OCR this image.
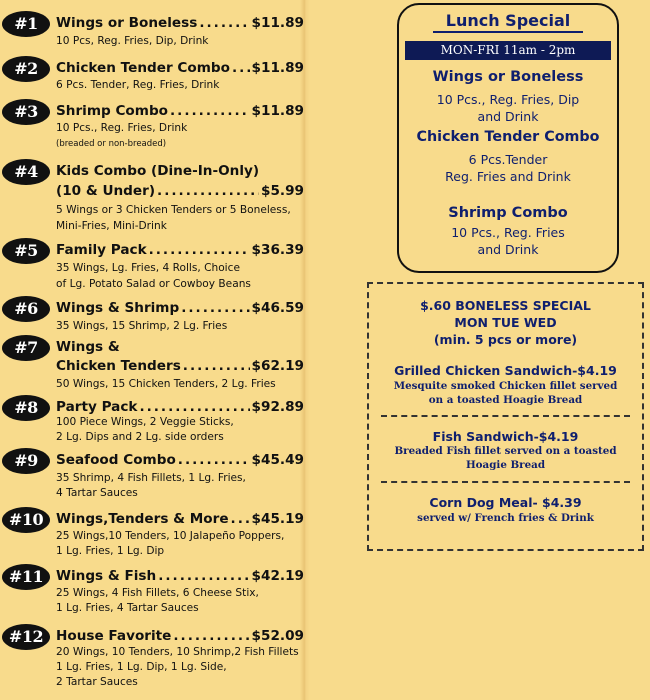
#1	Wings or Boneless .....	$11.89
10 Pcs, Reg. Fries, Dip, Drink
#2	Chicken Tender Combo ..... $11.89
6 Pcs. Tender, Reg. Fries, Drink
#3	Shrimp Combo .....	$11.89
10 Pcs., Reg. Fries, Drink
(breaded or non-breaded)
#4	Kids Combo (Dine-In-Only)
(10 & Under) .....	$5.99
5 Wings or 3 Chicken Tenders or 5 Boneless,
Mini-Fries, Mini-Drink
#5	Family Pack .....	$36.39
35 Wings, Lg. Fries, 4 Rolls, Choice
of Lg. Potato Salad or Cowboy Beans
#6	Wings & Shrimp .....	$46.59
35 Wings, 15 Shrimp, 2 Lg. Fries
#7	Wings &
Chicken Tenders .....	$62.19
50 Wings, 15 Chicken Tenders, 2 Lg. Fries
#8	Party Pack .....	$92.89
100 Piece Wings, 2 Veggie Sticks,
2 Lg. Dips and 2 Lg. side orders
#9	Seafood Combo .....	$45.49
35 Shrimp, 4 Fish Fillets, 1 Lg. Fries,
4 Tartar Sauces
#10 Wings,Tenders & More ..... $45.19
25 Wings,10 Tenders, 10 Jalapeño Poppers,
1 Lg. Fries, 1 Lg. Dip
#11 Wings & Fish .....	$42.19
25 Wings, 4 Fish Fillets, 6 Cheese Stix,
1 Lg. Fries, 4 Tartar Sauces
#12 House Favorite .....	$52.09
20 Wings, 10 Tenders, 10 Shrimp,2 Fish Fillets
1 Lg. Fries, 1 Lg. Dip, 1 Lg. Side,
2 Tartar Sauces
Lunch Special
MON-FRI 11am - 2pm
Wings or Boneless
10 Pcs., Reg. Fries, Dip
and Drink
Chicken Tender Combo
6 Pcs.Tender
Reg. Fries and Drink
Shrimp Combo
10 Pcs., Reg. Fries
and Drink
$.60 BONELESS SPECIAL
MON TUE WED
(min. 5 pcs or more)
Grilled Chicken Sandwich-$4.19
Mesquite smoked Chicken fillet served
on a toasted Hoagie Bread
Fish Sandwich-$4.19
Breaded Fish fillet served on a toasted
Hoagie Bread
Corn Dog Meal- $4.39
served w/ French fries & Drink
